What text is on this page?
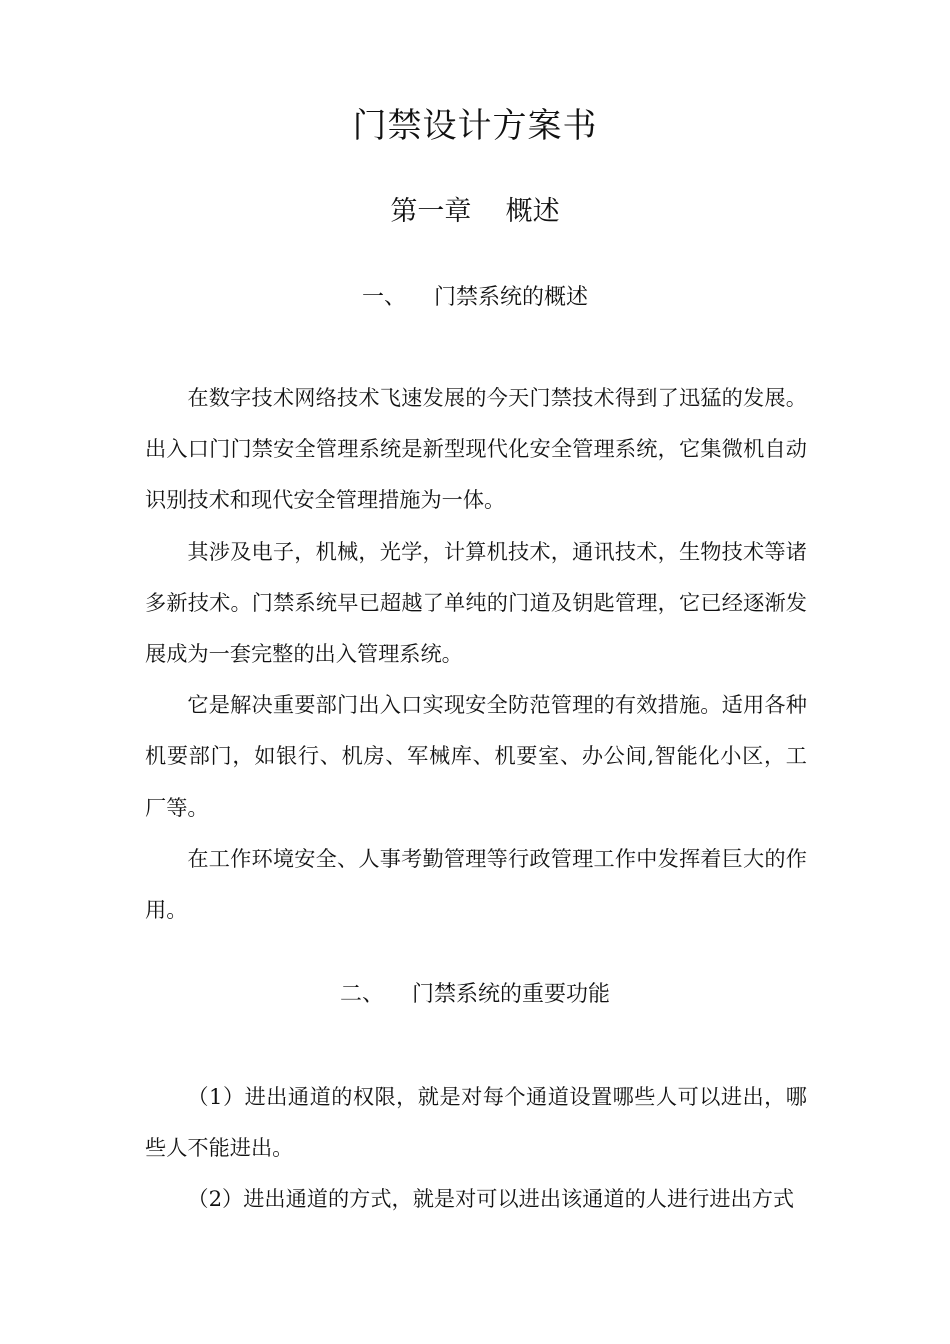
门禁设计方案书
第一章    概述
一、    门禁系统的概述

在数字技术网络技术飞速发展的今天门禁技术得到了迅猛的发展。出入口门门禁安全管理系统是新型现代化安全管理系统，它集微机自动识别技术和现代安全管理措施为一体。

其涉及电子，机械，光学，计算机技术，通讯技术，生物技术等诸多新技术。门禁系统早已超越了单纯的门道及钥匙管理，它已经逐渐发展成为一套完整的出入管理系统。

它是解决重要部门出入口实现安全防范管理的有效措施。适用各种机要部门，如银行、机房、军械库、机要室、办公间,智能化小区，工厂等。

在工作环境安全、人事考勤管理等行政管理工作中发挥着巨大的作用。

二、    门禁系统的重要功能

（1）进出通道的权限，就是对每个通道设置哪些人可以进出，哪些人不能进出。

（2）进出通道的方式，就是对可以进出该通道的人进行进出方式
